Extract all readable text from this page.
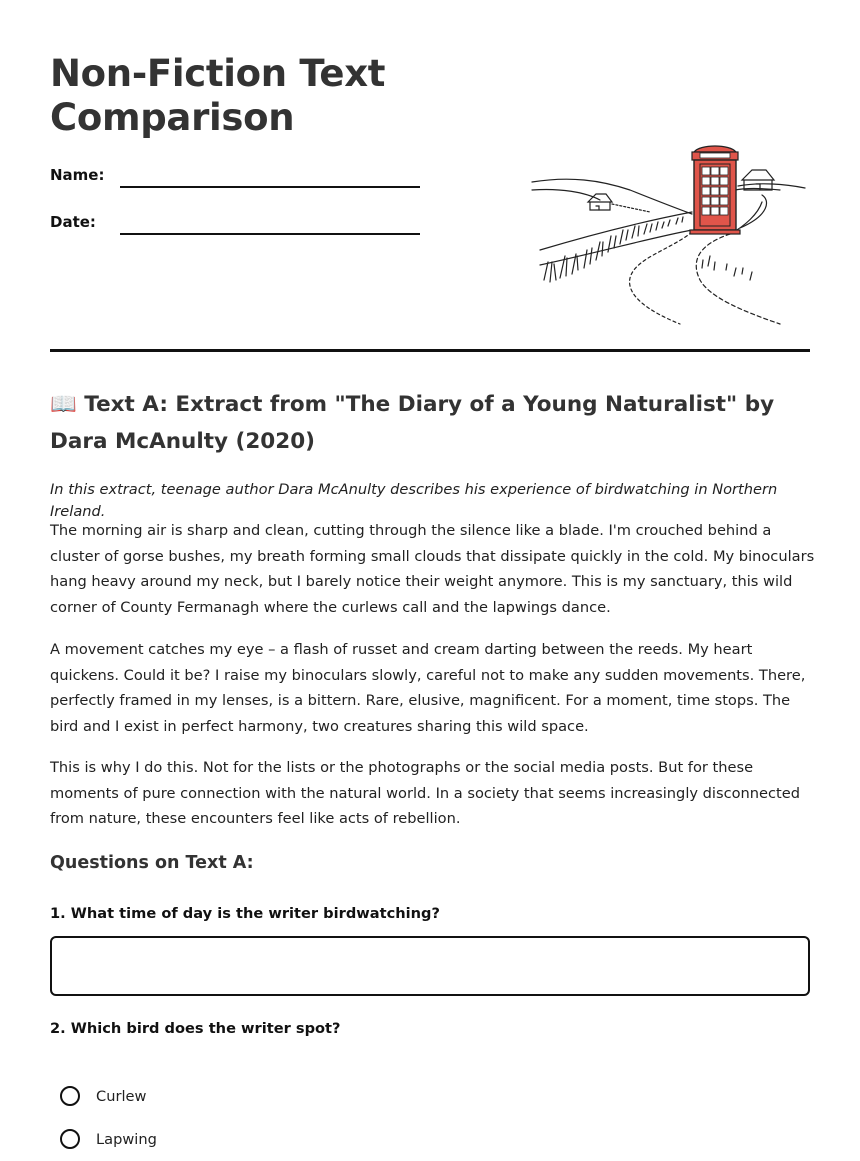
Non-Fiction Text
Comparison
Name:
Date:
📖 Text A: Extract from "The Diary of a Young Naturalist" by Dara McAnulty (2020)

In this extract, teenage author Dara McAnulty describes his experience of birdwatching in Northern Ireland.

The morning air is sharp and clean, cutting through the silence like a blade. I'm crouched behind a cluster of gorse bushes, my breath forming small clouds that dissipate quickly in the cold. My binoculars hang heavy around my neck, but I barely notice their weight anymore. This is my sanctuary, this wild corner of County Fermanagh where the curlews call and the lapwings dance.

A movement catches my eye – a flash of russet and cream darting between the reeds. My heart quickens. Could it be? I raise my binoculars slowly, careful not to make any sudden movements. There, perfectly framed in my lenses, is a bittern. Rare, elusive, magnificent. For a moment, time stops. The bird and I exist in perfect harmony, two creatures sharing this wild space.

This is why I do this. Not for the lists or the photographs or the social media posts. But for these moments of pure connection with the natural world. In a society that seems increasingly disconnected from nature, these encounters feel like acts of rebellion.

Questions on Text A:

1. What time of day is the writer birdwatching?

2. Which bird does the writer spot?

Curlew
Lapwing
